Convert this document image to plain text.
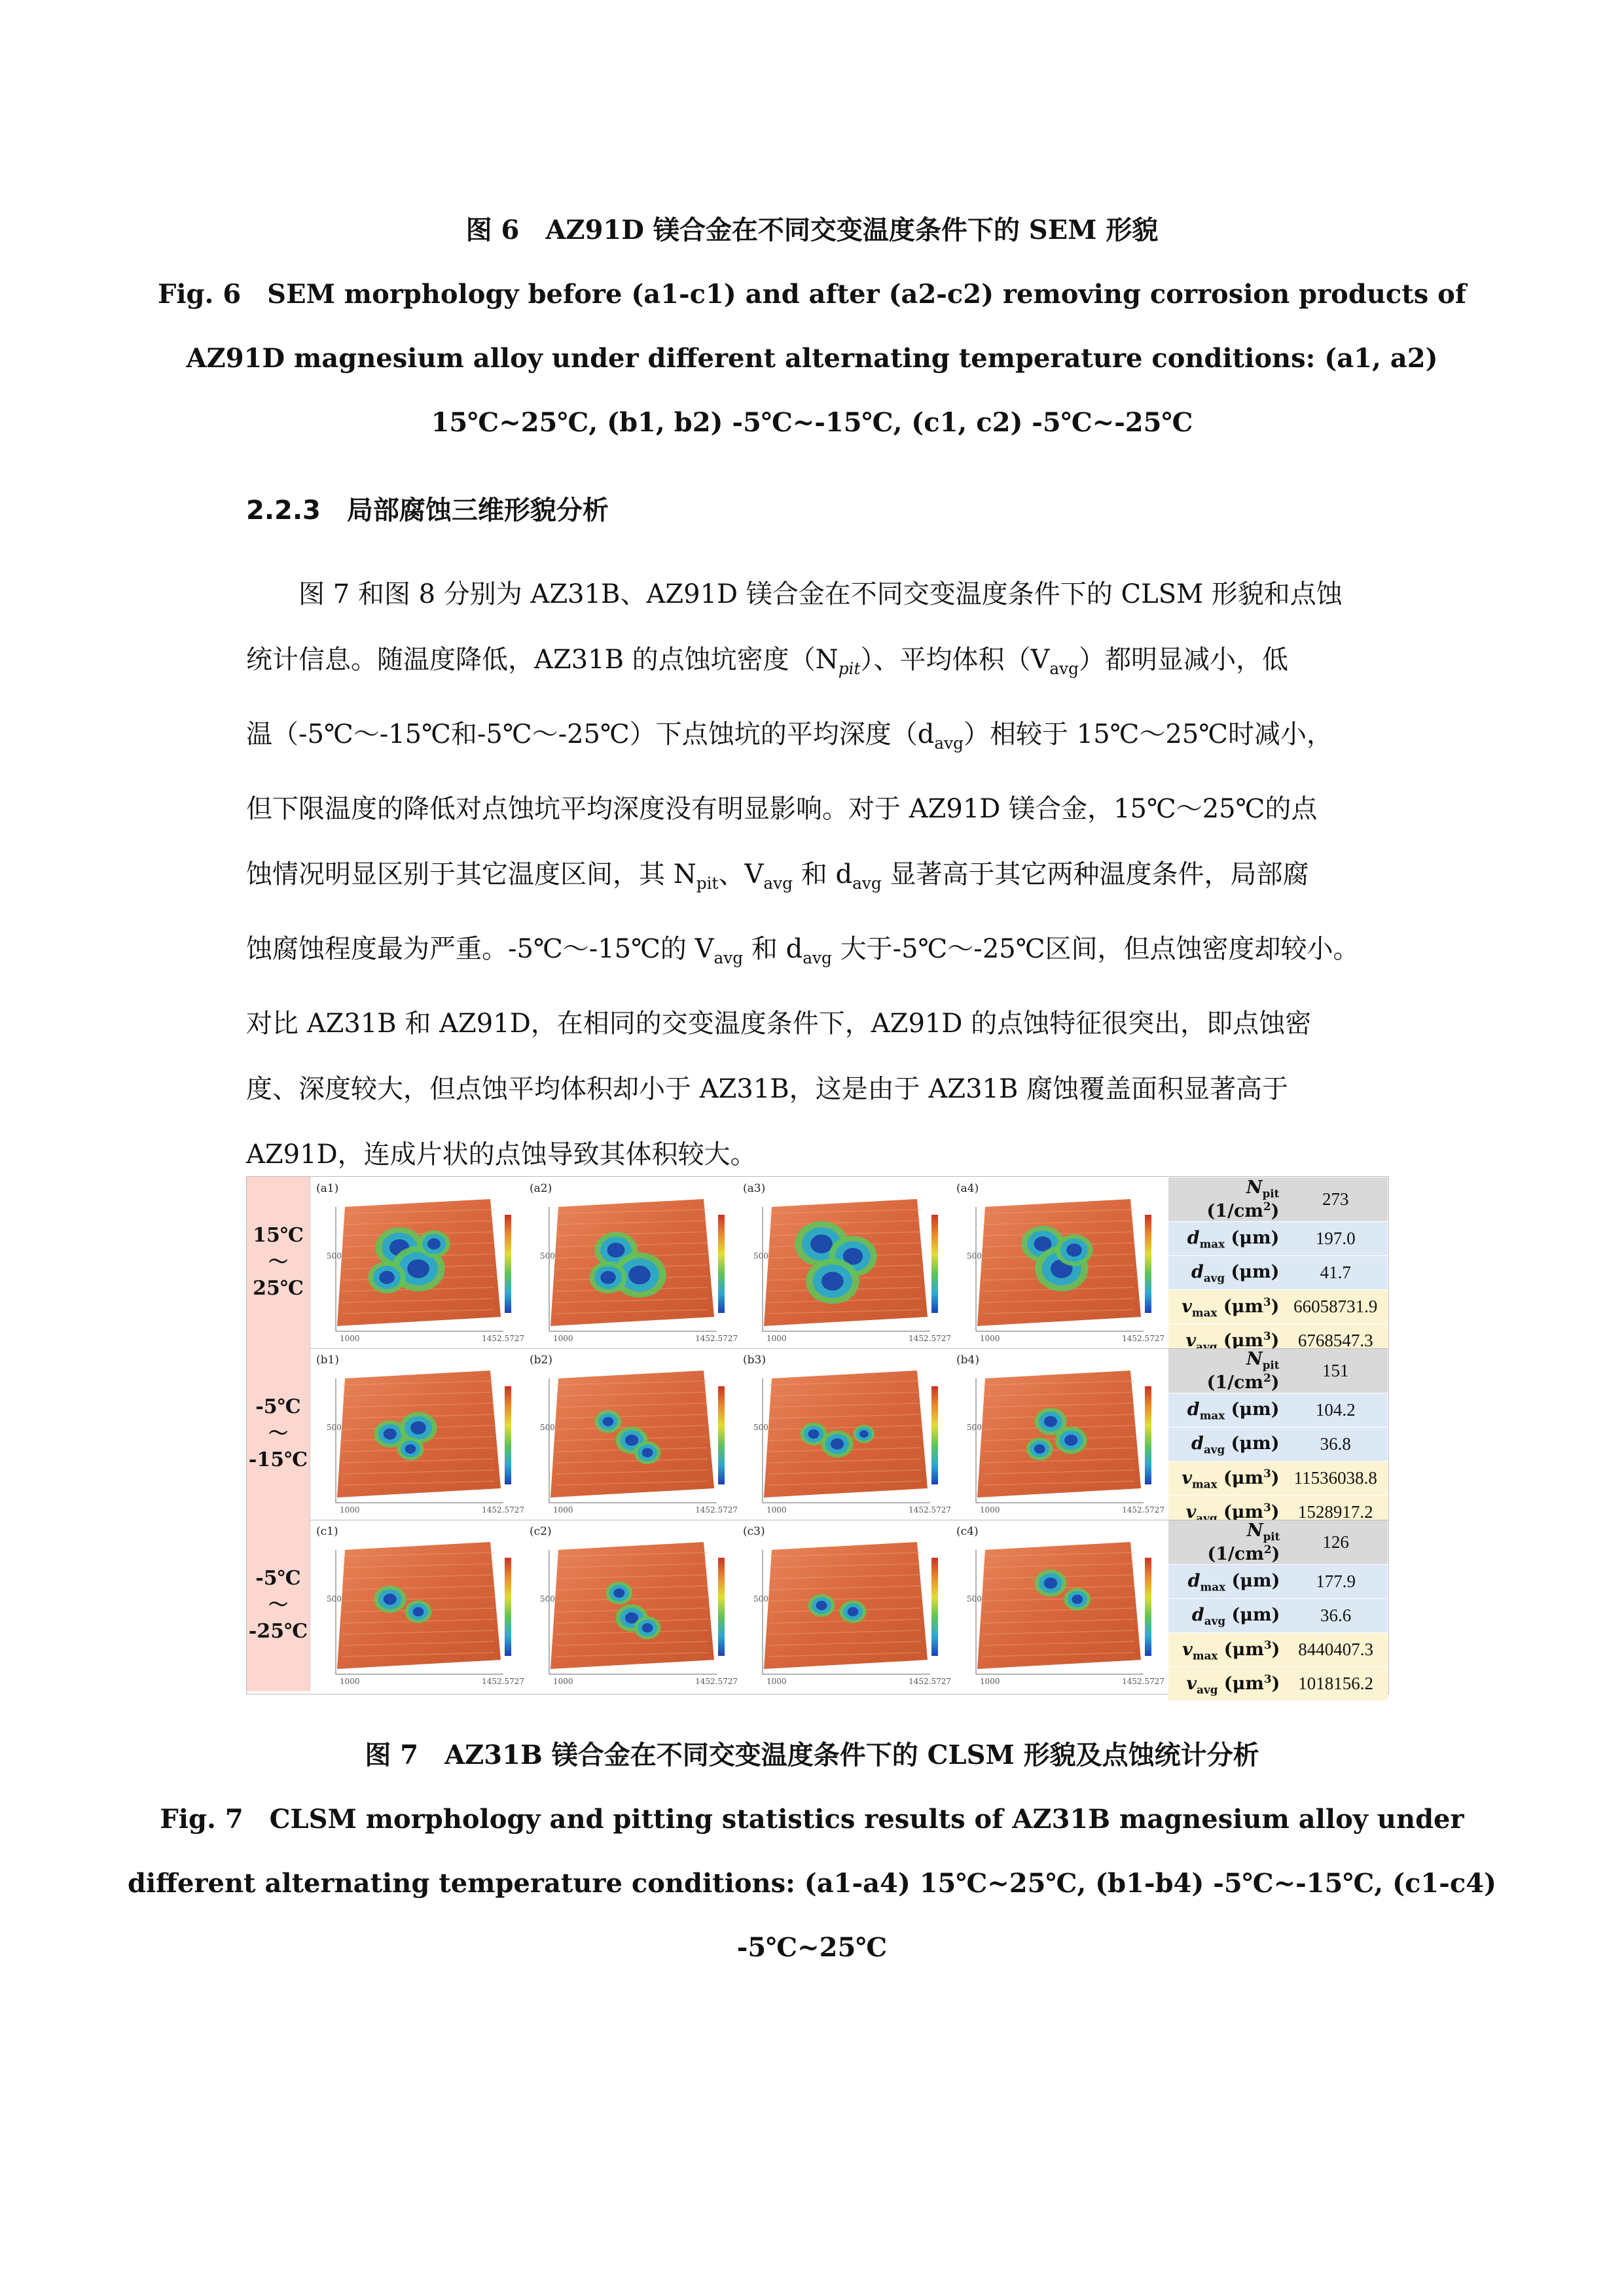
图 6　AZ91D 镁合金在不同交变温度条件下的 SEM 形貌
Fig. 6　SEM morphology before (a1-c1) and after (a2-c2) removing corrosion products of
AZ91D magnesium alloy under different alternating temperature conditions: (a1, a2)
15℃~25℃, (b1, b2) -5℃~-15℃, (c1, c2) -5℃~-25℃
2.2.3　局部腐蚀三维形貌分析
图 7 和图 8 分别为 AZ31B、AZ91D 镁合金在不同交变温度条件下的 CLSM 形貌和点蚀
统计信息。随温度降低，AZ31B 的点蚀坑密度$(N_{pit})$、平均体积$(V_{avg})$都明显减小，低
温（-5℃～-15℃和-5℃～-25℃）下点蚀坑的平均深度$(d_{avg})$相较于 15℃～25℃时减小，
但下限温度的降低对点蚀坑平均深度没有明显影响。对于 AZ91D 镁合金，15℃～25℃的点
蚀情况明显区别于其它温度区间，其 $N_{pit}$、$V_{avg}$ 和 $d_{avg}$ 显著高于其它两种温度条件，局部腐
蚀腐蚀程度最为严重。-5℃～-15℃的 $V_{avg}$ 和 $d_{avg}$ 大于-5℃～-25℃区间，但点蚀密度却较小。
对比 AZ31B 和 AZ91D，在相同的交变温度条件下，AZ91D 的点蚀特征很突出，即点蚀密
度、深度较大，但点蚀平均体积却小于 AZ31B，这是由于 AZ31B 腐蚀覆盖面积显著高于
AZ91D，连成片状的点蚀导致其体积较大。
15℃
～
25℃
(a1)
1000
500
1452.5727
(a2)
1000
500
1452.5727
(a3)
1000
500
1452.5727
(a4)
1000
500
1452.5727
$N_{pit}$ $(1/cm^2)$	273
$d_{max}$ (μm)	197.0
$d_{avg}$ (μm)	41.7
$v_{max}$ $(\mu m^3)$	66058731.9
$v_{avg}$ $(\mu m^3)$	6768547.3
-5℃
～
-15℃
(b1)
1000
500
1452.5727
(b2)
1000
500
1452.5727
(b3)
1000
500
1452.5727
(b4)
1000
500
1452.5727
$N_{pit}$ $(1/cm^2)$	151
$d_{max}$ (μm)	104.2
$d_{avg}$ (μm)	36.8
$v_{max}$ $(\mu m^3)$	11536038.8
$v_{avg}$ $(\mu m^3)$	1528917.2
-5℃
～
-25℃
(c1)
1000
500
1452.5727
(c2)
1000
500
1452.5727
(c3)
1000
500
1452.5727
(c4)
1000
500
1452.5727
$N_{pit}$ $(1/cm^2)$	126
$d_{max}$ (μm)	177.9
$d_{avg}$ (μm)	36.6
$v_{max}$ $(\mu m^3)$	8440407.3
$v_{avg}$ $(\mu m^3)$	1018156.2
图 7　AZ31B 镁合金在不同交变温度条件下的 CLSM 形貌及点蚀统计分析
Fig. 7　CLSM morphology and pitting statistics results of AZ31B magnesium alloy under
different alternating temperature conditions: (a1-a4) 15℃~25℃, (b1-b4) -5℃~-15℃, (c1-c4)
-5℃~25℃
